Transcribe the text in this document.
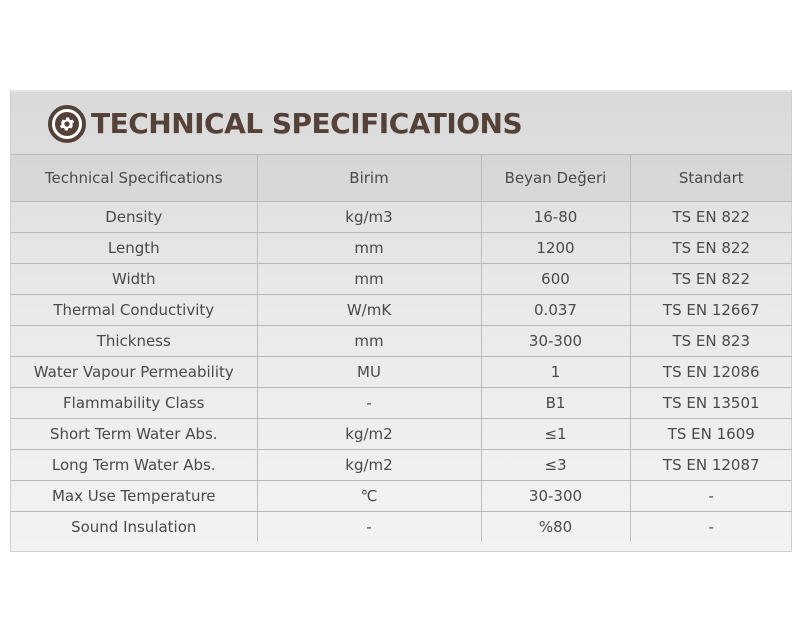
TECHNICAL SPECIFICATIONS
Technical Specifications	Birim	Beyan Değeri	Standart
Density	kg/m3	16-80	TS EN 822
Length	mm	1200	TS EN 822
Width	mm	600	TS EN 822
Thermal Conductivity	W/mK	0.037	TS EN 12667
Thickness	mm	30-300	TS EN 823
Water Vapour Permeability	MU	1	TS EN 12086
Flammability Class	-	B1	TS EN 13501
Short Term Water Abs.	kg/m2	≤1	TS EN 1609
Long Term Water Abs.	kg/m2	≤3	TS EN 12087
Max Use Temperature	℃	30-300	-
Sound Insulation	-	%80	-
